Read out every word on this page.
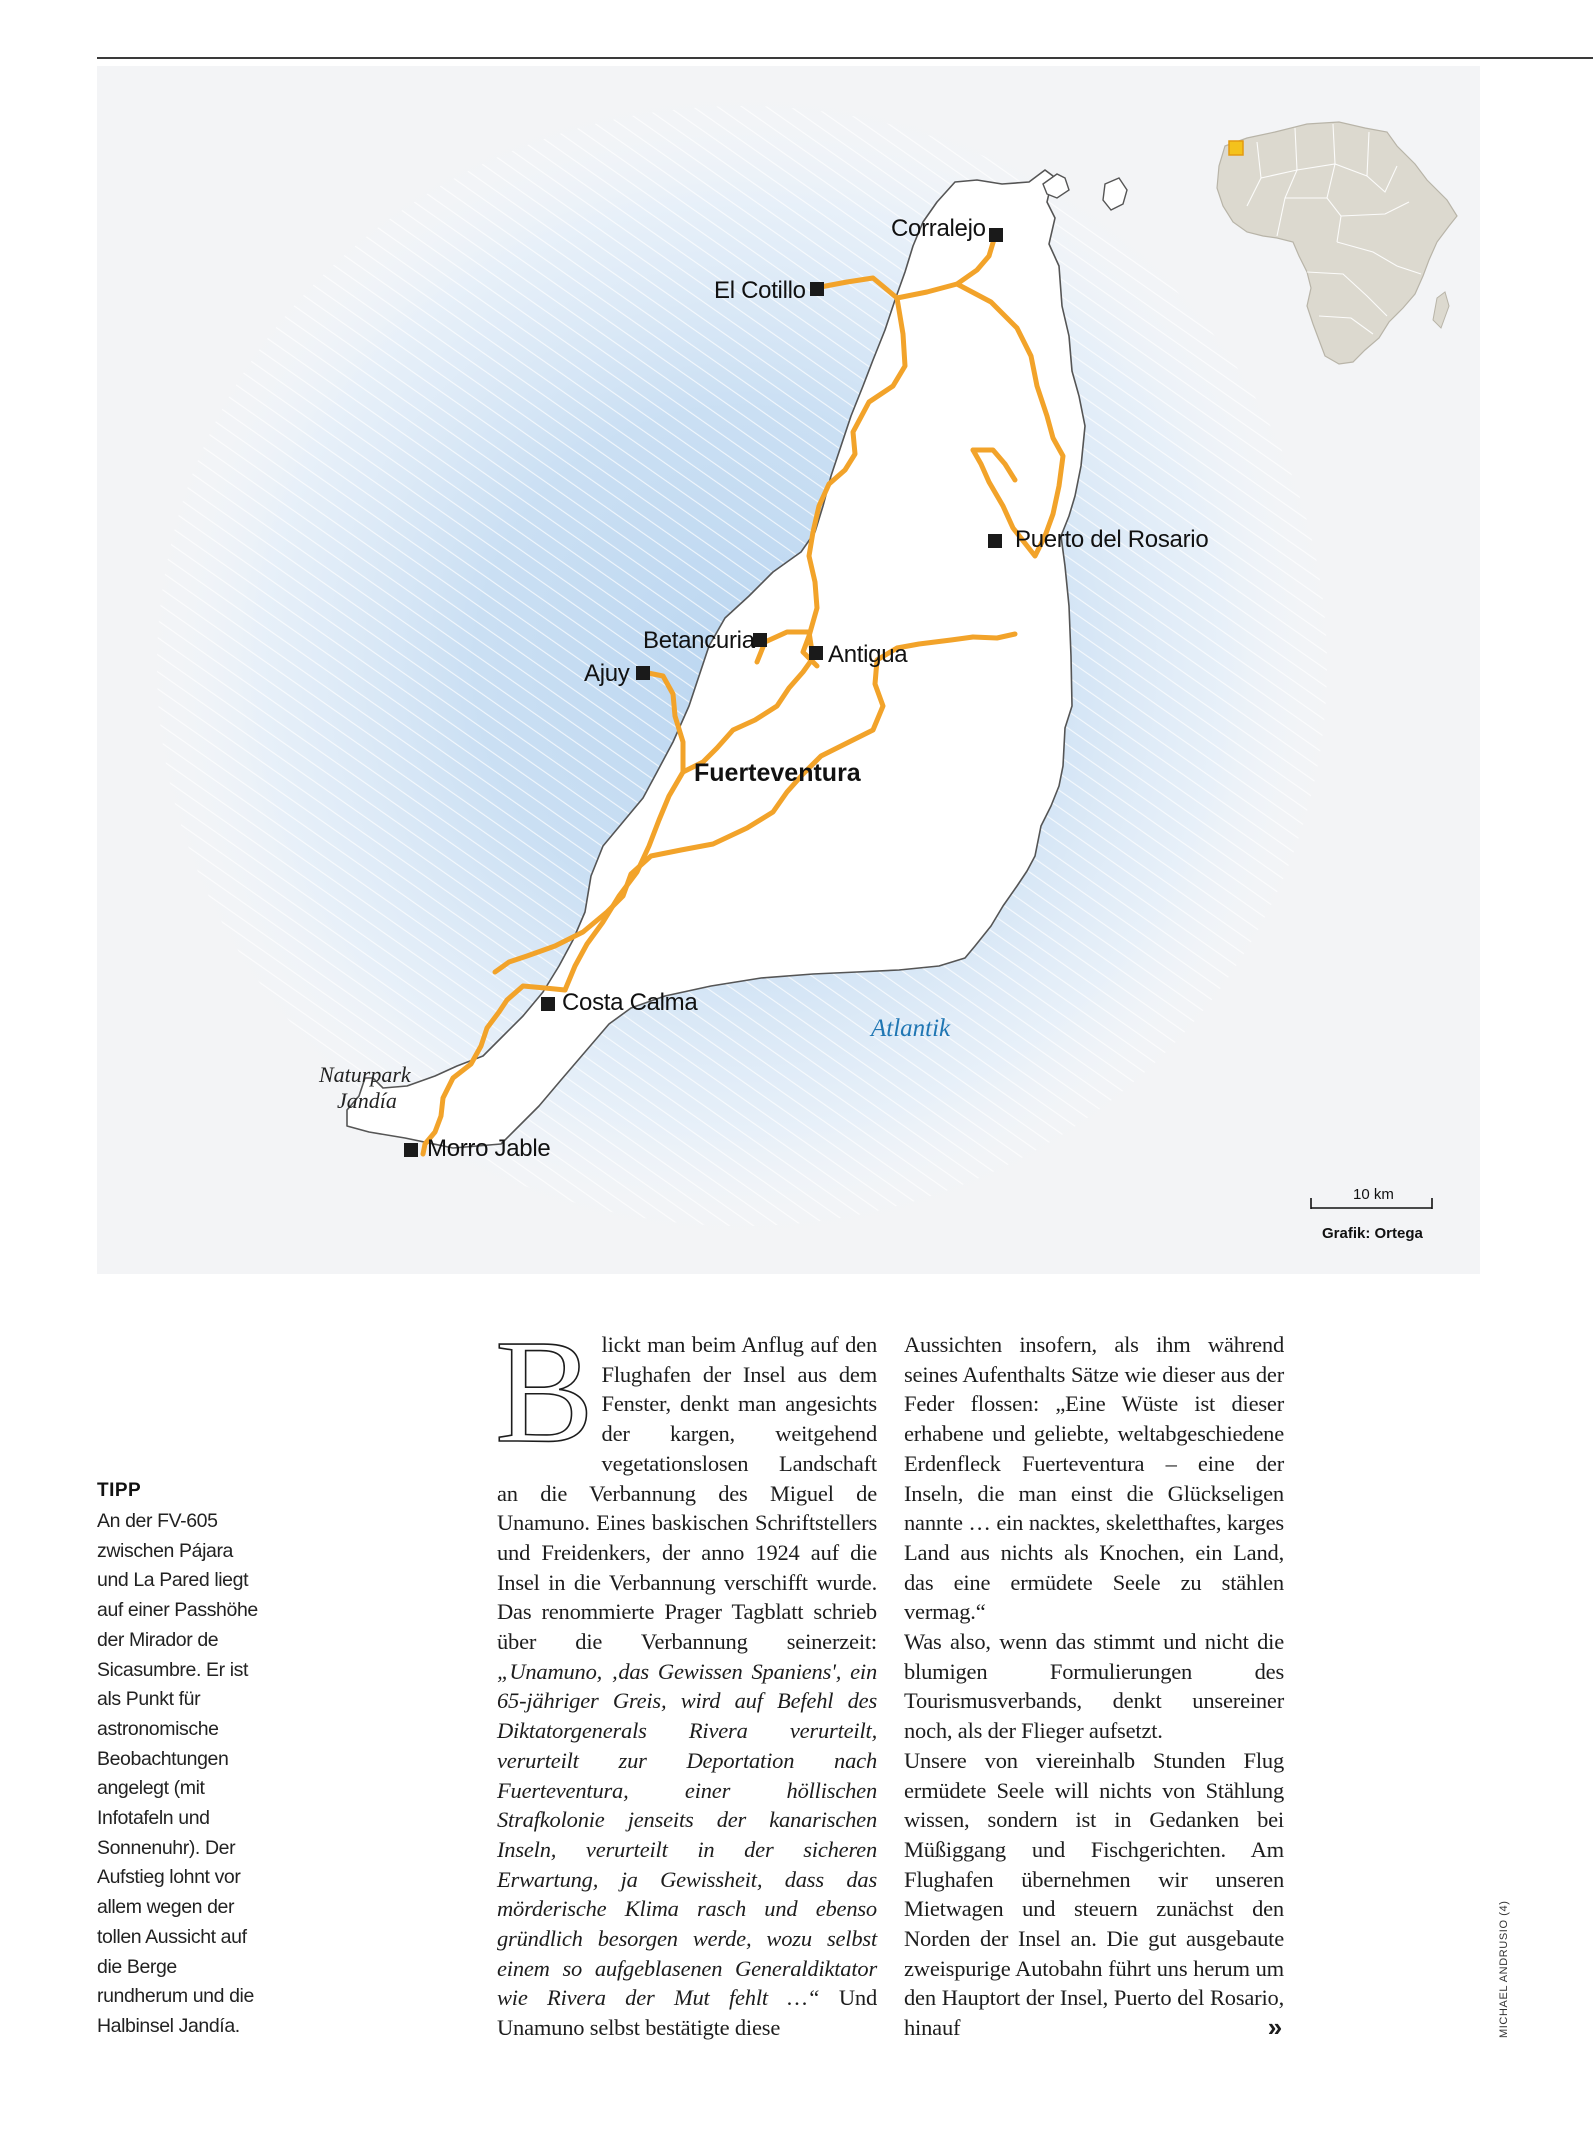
Corralejo
El Cotillo
Puerto del Rosario
Betancuria
Antigua
Ajuy
Fuerteventura
Costa Calma
Morro Jable
Naturpark
Jandía
Atlantik
10 km
Grafik: Ortega
TIPP
An der FV-605
zwischen Pájara
und La Pared liegt
auf einer Passhöhe
der Mirador de
Sicasumbre. Er ist
als Punkt für
astronomische
Beobachtungen
angelegt (mit
Infotafeln und
Sonnenuhr). Der
Aufstieg lohnt vor
allem wegen der
tollen Aussicht auf
die Berge
rundherum und die
Halbinsel Jandía.

Blickt man beim Anflug auf den Flughafen der Insel aus dem Fenster, denkt man angesichts der kargen, weitgehend vegetationslosen Landschaft an die Verbannung des Miguel de Unamuno. Eines baskischen Schriftstellers und Freidenkers, der anno 1924 auf die Insel in die Verbannung verschifft wurde. Das renommierte Prager Tagblatt schrieb über die Verbannung seinerzeit: „Unamuno, ‚das Gewissen Spaniens', ein 65-jähriger Greis, wird auf Befehl des Diktatorgenerals Rivera verurteilt, verurteilt zur Deportation nach Fuerteventura, einer höllischen Strafkolonie jenseits der kanarischen Inseln, verurteilt in der sicheren Erwartung, ja Gewissheit, dass das mörderische Klima rasch und ebenso gründlich besorgen werde, wozu selbst einem so aufgeblasenen Generaldiktator wie Rivera der Mut fehlt …“ Und Unamuno selbst bestätigte diese

Aussichten insofern, als ihm während seines Aufenthalts Sätze wie dieser aus der Feder flossen: „Eine Wüste ist dieser erhabene und geliebte, weltabgeschiedene Erdenfleck Fuerteventura – eine der Inseln, die man einst die Glückseligen nannte … ein nacktes, skeletthaftes, karges Land aus nichts als Knochen, ein Land, das eine ermüdete Seele zu stählen vermag.“

Was also, wenn das stimmt und nicht die blumigen Formulierungen des Tourismusverbands, denkt unsereiner noch, als der Flieger aufsetzt.

Unsere von viereinhalb Stunden Flug ermüdete Seele will nichts von Stählung wissen, sondern ist in Gedanken bei Müßiggang und Fischgerichten. Am Flughafen übernehmen wir unseren Mietwagen und steuern zunächst den Norden der Insel an. Die gut ausgebaute zweispurige Autobahn führt uns herum um den Hauptort der Insel, Puerto del Rosario, hinauf	»	MICHAEL ANDRUSIO (4)
